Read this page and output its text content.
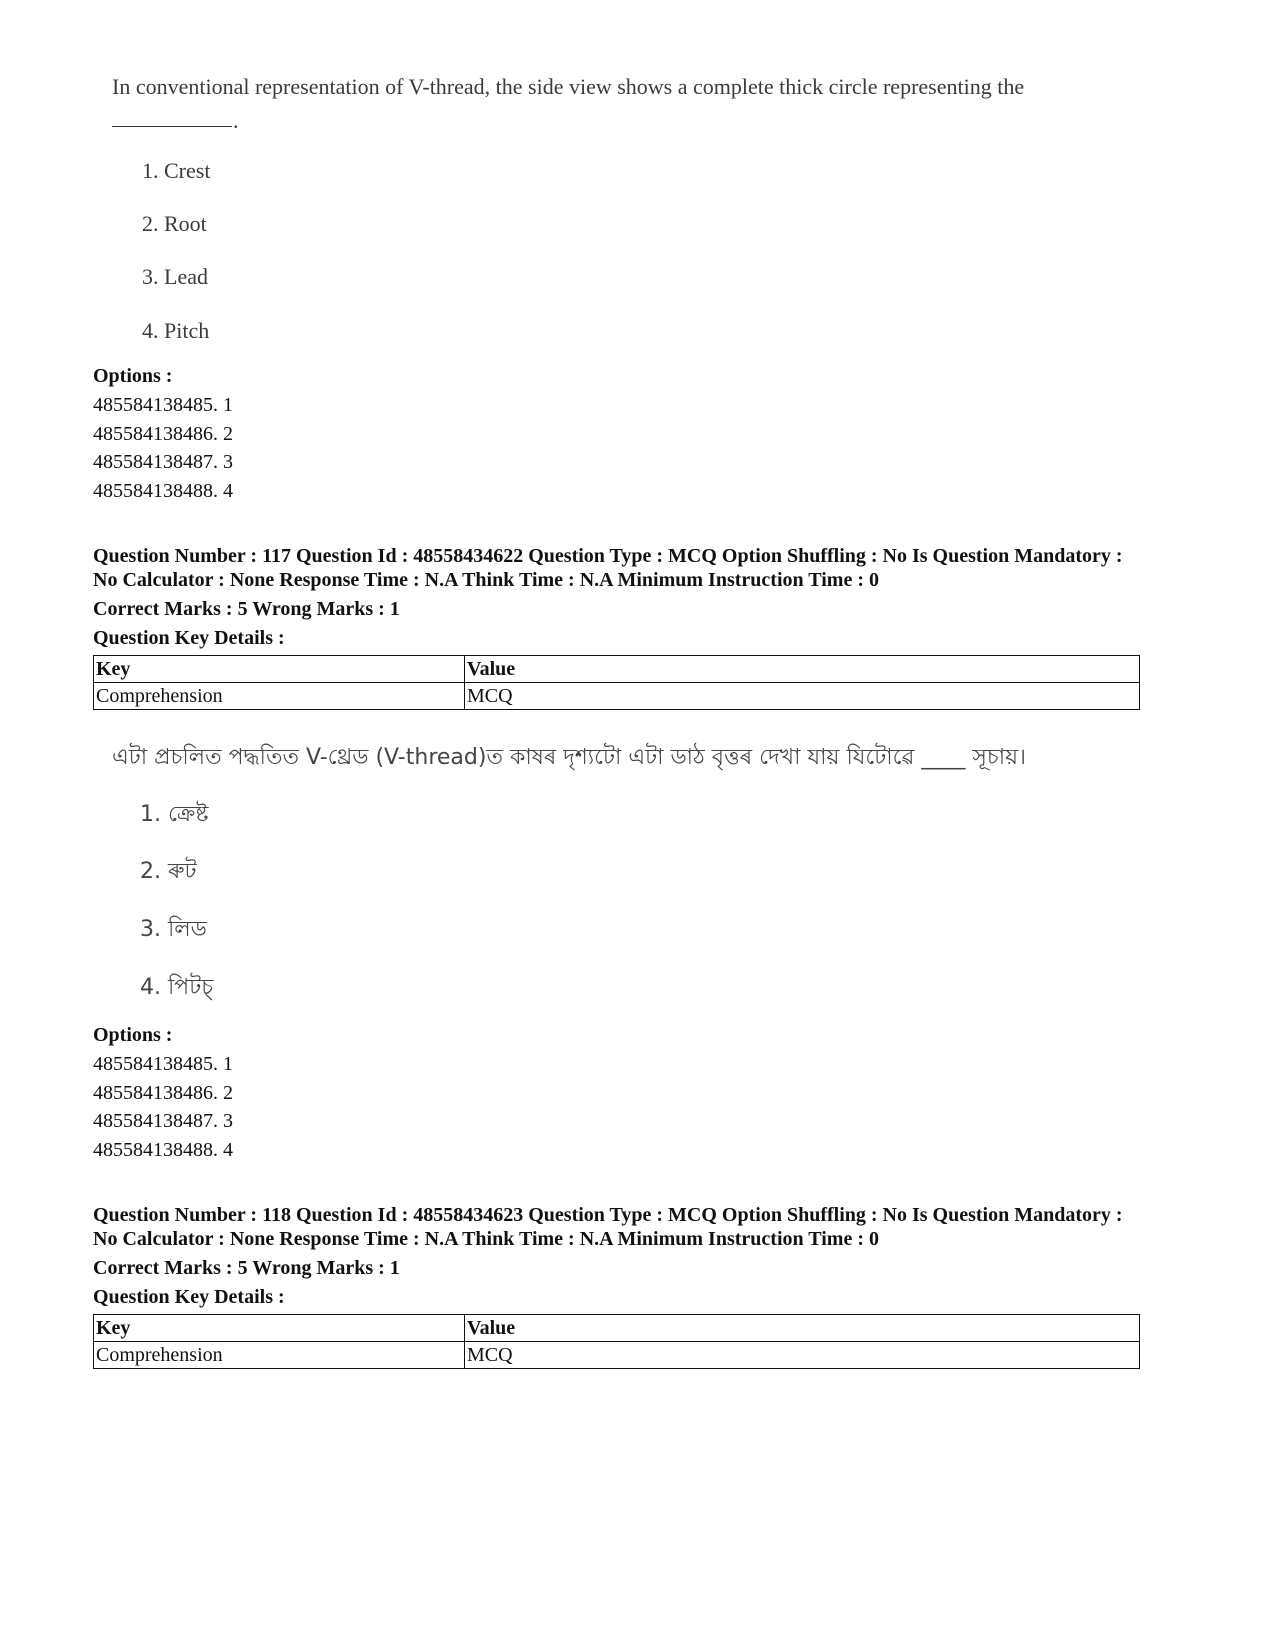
In conventional representation of V-thread, the side view shows a complete thick circle representing the
.
1. Crest
2. Root
3. Lead
4. Pitch
Options :
485584138485. 1
485584138486. 2
485584138487. 3
485584138488. 4
Question Number : 117 Question Id : 48558434622 Question Type : MCQ Option Shuffling : No Is Question Mandatory :
No Calculator : None Response Time : N.A Think Time : N.A Minimum Instruction Time : 0
Correct Marks : 5 Wrong Marks : 1
Question Key Details :
Key	Value
Comprehension	MCQ
এটা প্ৰচলিত পদ্ধতিত V-থ্ৰেড (V-thread)ত কাষৰ দৃশ্যটো এটা ডাঠ বৃত্তৰ দেখা যায় যিটোৱে ____ সূচায়।
1. ক্ৰেষ্ট
2. ৰুট
3. লিড
4. পিটচ্
Options :
485584138485. 1
485584138486. 2
485584138487. 3
485584138488. 4
Question Number : 118 Question Id : 48558434623 Question Type : MCQ Option Shuffling : No Is Question Mandatory :
No Calculator : None Response Time : N.A Think Time : N.A Minimum Instruction Time : 0
Correct Marks : 5 Wrong Marks : 1
Question Key Details :
Key	Value
Comprehension	MCQ
